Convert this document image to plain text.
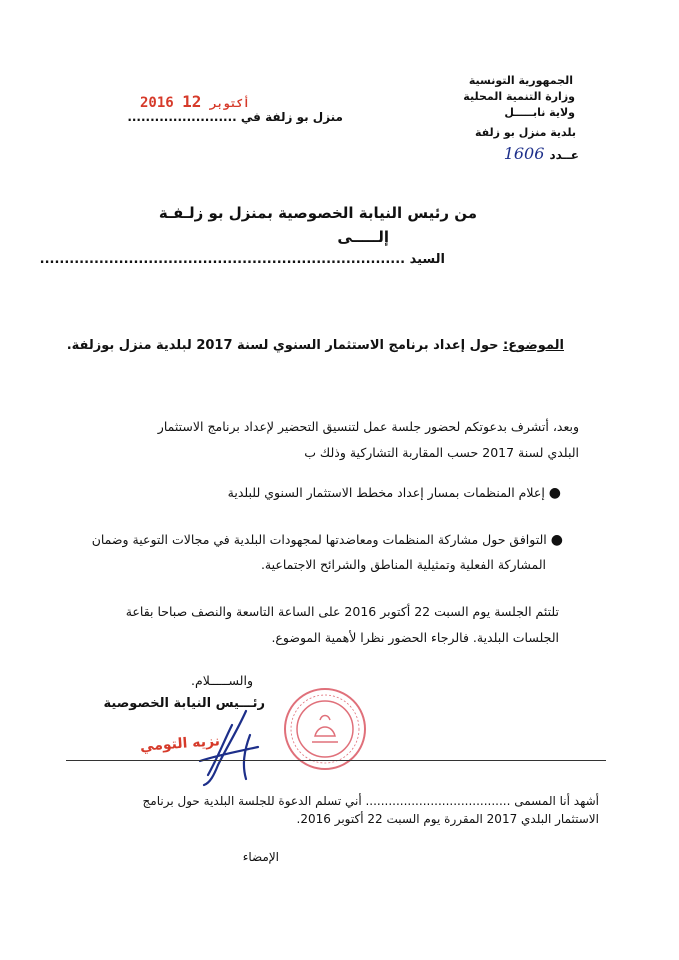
الجمهورية التونسية
وزارة التنمية المحلية
ولاية نابـــــل
بلدية منزل بو زلفة
عــدد 1606
منزل بو زلفة في ........................
2016	أكتوبر 12
من رئيس النيابة الخصوصية بمنزل بو زلـفـة
إلـــــى
السيد ..........................................................................
الموضوع: حول إعداد برنامج الاستثمار السنوي لسنة 2017 لبلدية منزل بوزلفة.
وبعد، أتشرف بدعوتكم لحضور جلسة عمل لتنسيق التحضير لإعداد برنامج الاستثمار
البلدي لسنة 2017 حسب المقاربة التشاركية وذلك ب
● إعلام المنظمات بمسار إعداد مخطط الاستثمار السنوي للبلدية
● التوافق حول مشاركة المنظمات ومعاضدتها لمجهودات البلدية في مجالات التوعية وضمان
المشاركة الفعلية وتمثيلية المناطق والشرائح الاجتماعية.
تلتئم الجلسة يوم السبت 22 أكتوبر 2016 على الساعة التاسعة والنصف صباحا بقاعة
الجلسات البلدية. فالرجاء الحضور نظرا لأهمية الموضوع.
والســـــلام.
رئـــيس النيابة الخصوصية
نزيه التومي
أشهد أنا المسمى ...................................... أني تسلم الدعوة للجلسة البلدية حول برنامج
الاستثمار البلدي 2017 المقررة يوم السبت 22 أكتوبر 2016.
الإمضاء
